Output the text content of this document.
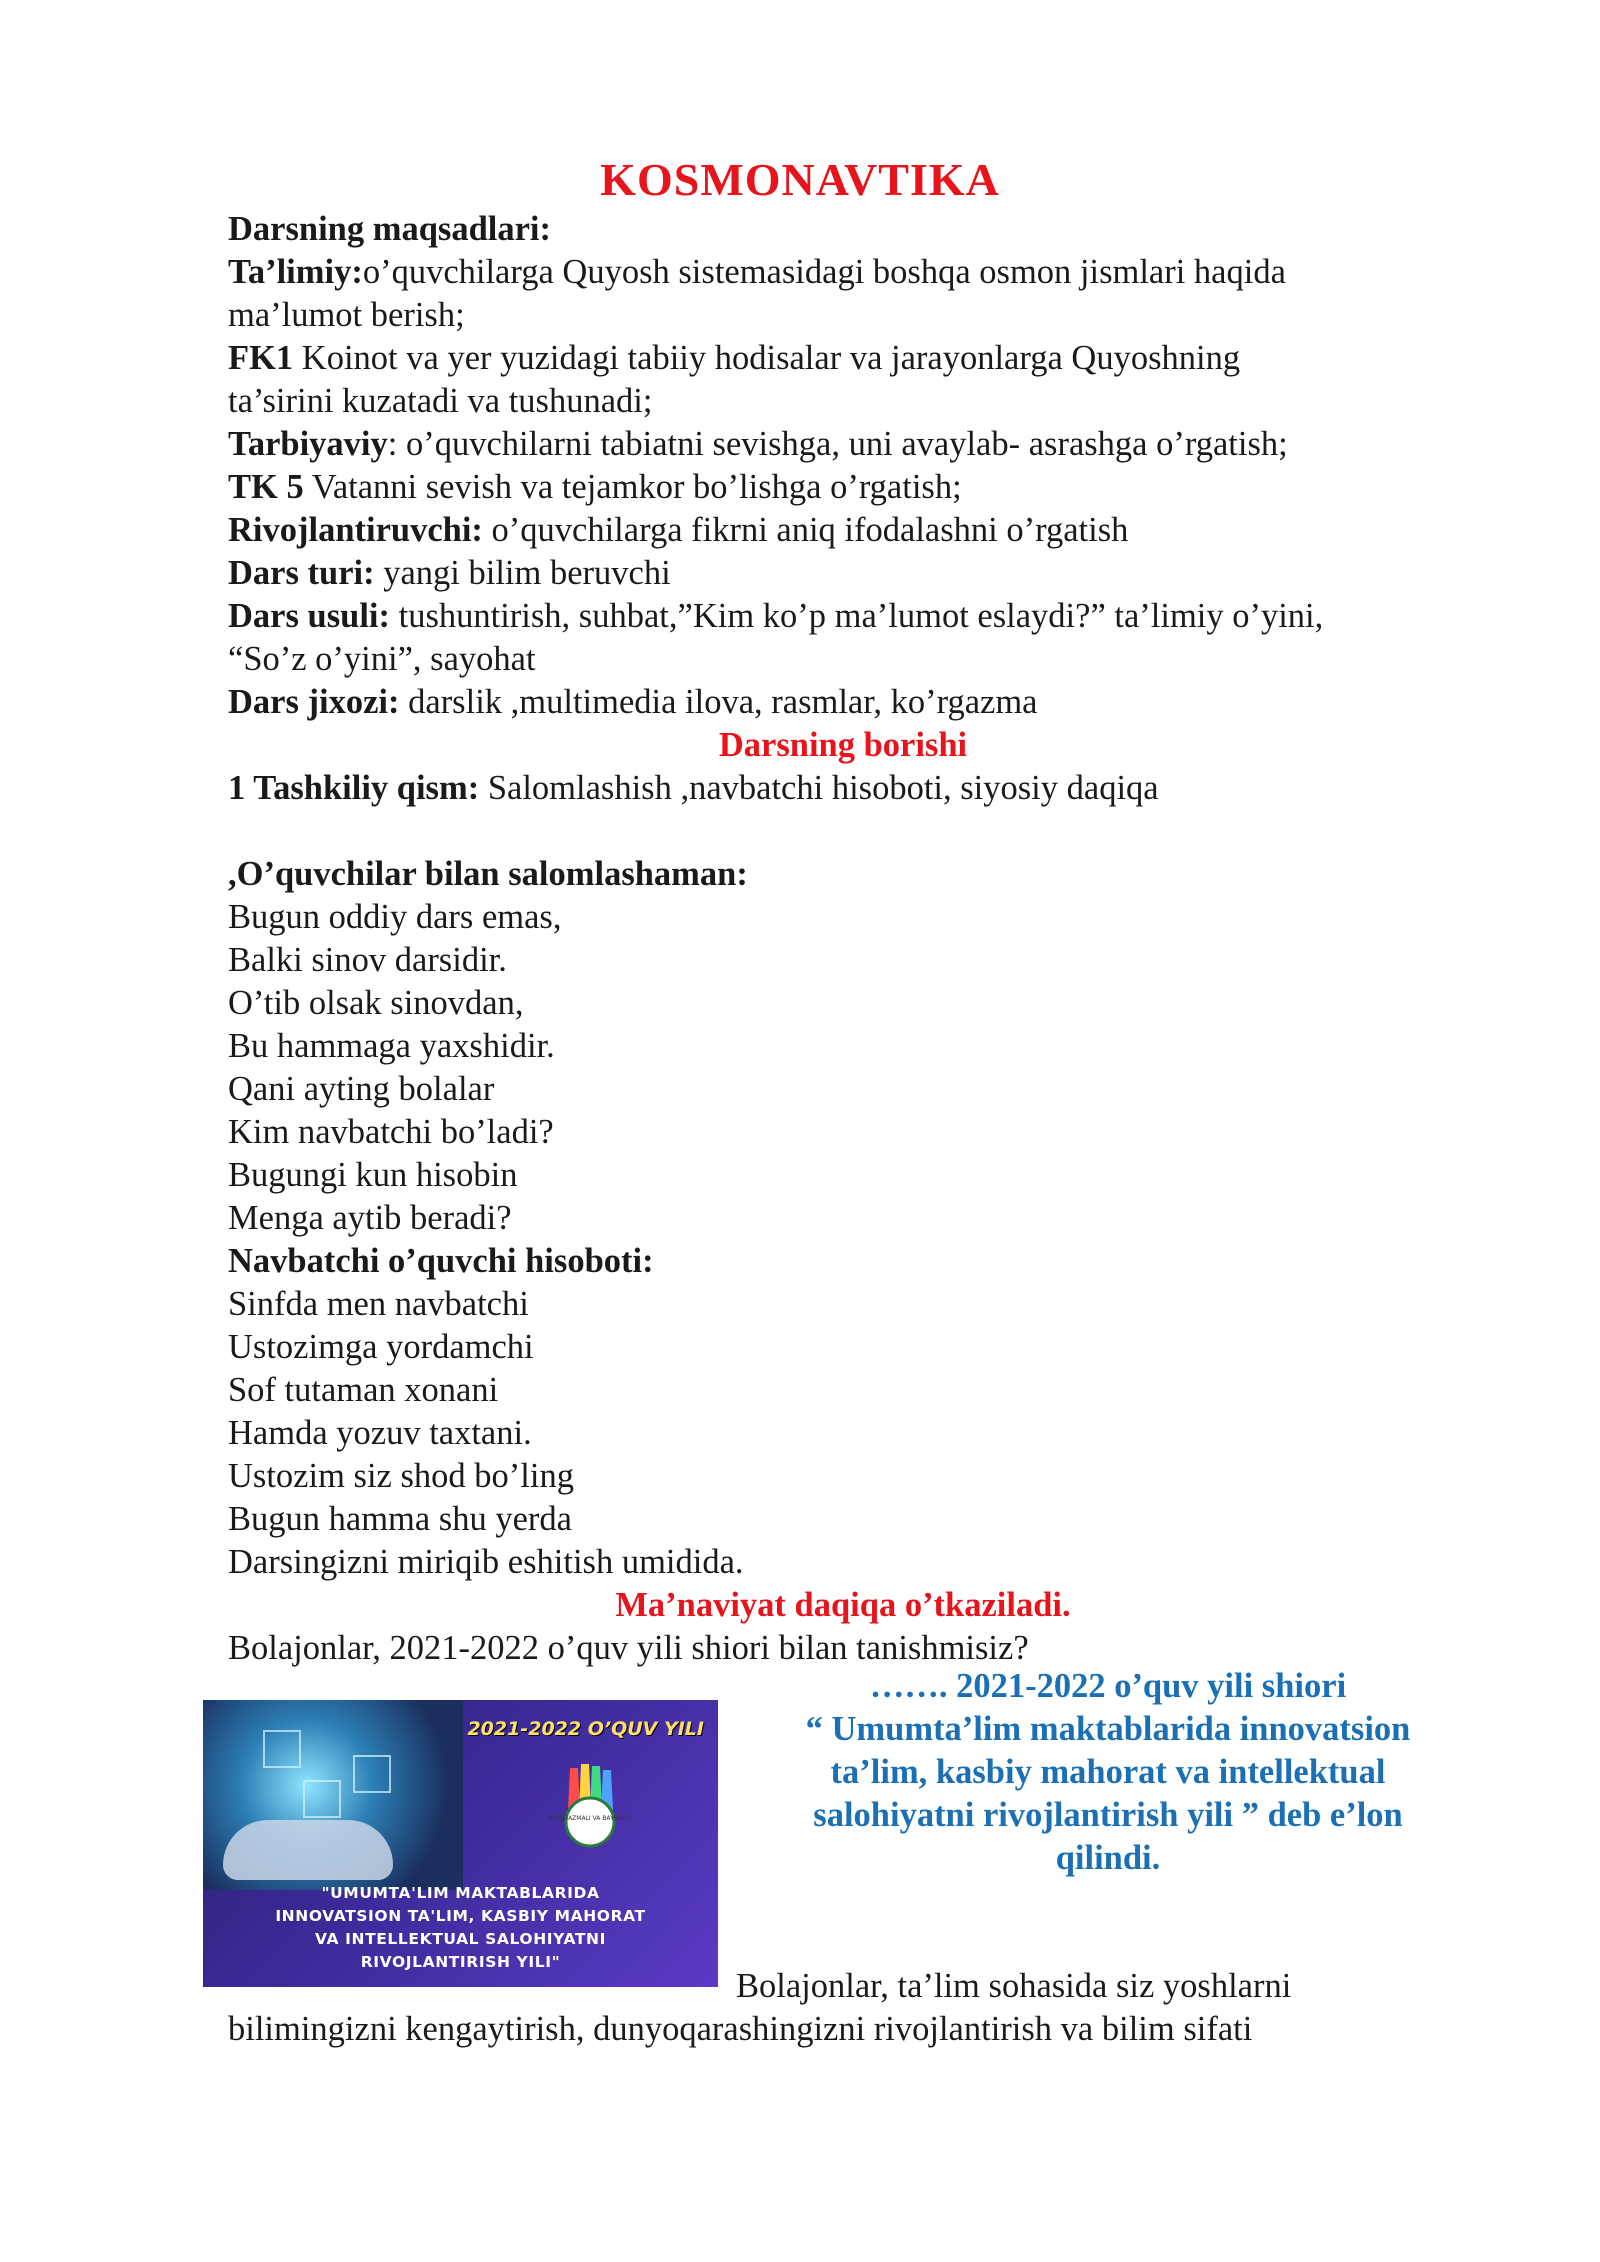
KOSMONAVTIKA
Darsning maqsadlari:
Ta’limiy:o’quvchilarga Quyosh sistemasidagi boshqa osmon jismlari haqida
ma’lumot berish;
FK1 Koinot va yer yuzidagi tabiiy hodisalar va jarayonlarga Quyoshning
ta’sirini kuzatadi va tushunadi;
Tarbiyaviy: o’quvchilarni tabiatni sevishga, uni avaylab- asrashga o’rgatish;
TK 5 Vatanni sevish va tejamkor bo’lishga o’rgatish;
Rivojlantiruvchi: o’quvchilarga fikrni aniq ifodalashni o’rgatish
Dars turi: yangi bilim beruvchi
Dars usuli: tushuntirish, suhbat,”Kim ko’p ma’lumot eslaydi?” ta’limiy o’yini,
“So’z o’yini”, sayohat
Dars jixozi: darslik ,multimedia ilova, rasmlar, ko’rgazma
Darsning borishi
1 Tashkiliy qism: Salomlashish ,navbatchi hisoboti, siyosiy daqiqa
,O’quvchilar bilan salomlashaman:
Bugun oddiy dars emas,
Balki sinov darsidir.
O’tib olsak sinovdan,
Bu hammaga yaxshidir.
Qani ayting bolalar
Kim navbatchi bo’ladi?
Bugungi kun hisobin
Menga aytib beradi?
Navbatchi o’quvchi hisoboti:
Sinfda men navbatchi
Ustozimga yordamchi
Sof tutaman xonani
Hamda yozuv taxtani.
Ustozim siz shod bo’ling
Bugun hamma shu yerda
Darsingizni miriqib eshitish umidida.
Ma’naviyat daqiqa o’tkaziladi.
Bolajonlar, 2021-2022 o’quv yili shiori bilan tanishmisiz?
……. 2021-2022 o’quv yili shiori
“ Umumta’lim maktablarida innovatsion
ta’lim, kasbiy mahorat va intellektual
salohiyatni rivojlantirish yili ” deb e’lon
qilindi.
2021-2022 O’QUV YILI
KO’RGAZMALI VA BAYROG’I
"UMUMTA'LIM MAKTABLARIDA
INNOVATSION TA'LIM, KASBIY MAHORAT
VA INTELLEKTUAL SALOHIYATNI
RIVOJLANTIRISH YILI"
Bolajonlar, ta’lim sohasida siz yoshlarni
bilimingizni kengaytirish, dunyoqarashingizni rivojlantirish va bilim sifati
